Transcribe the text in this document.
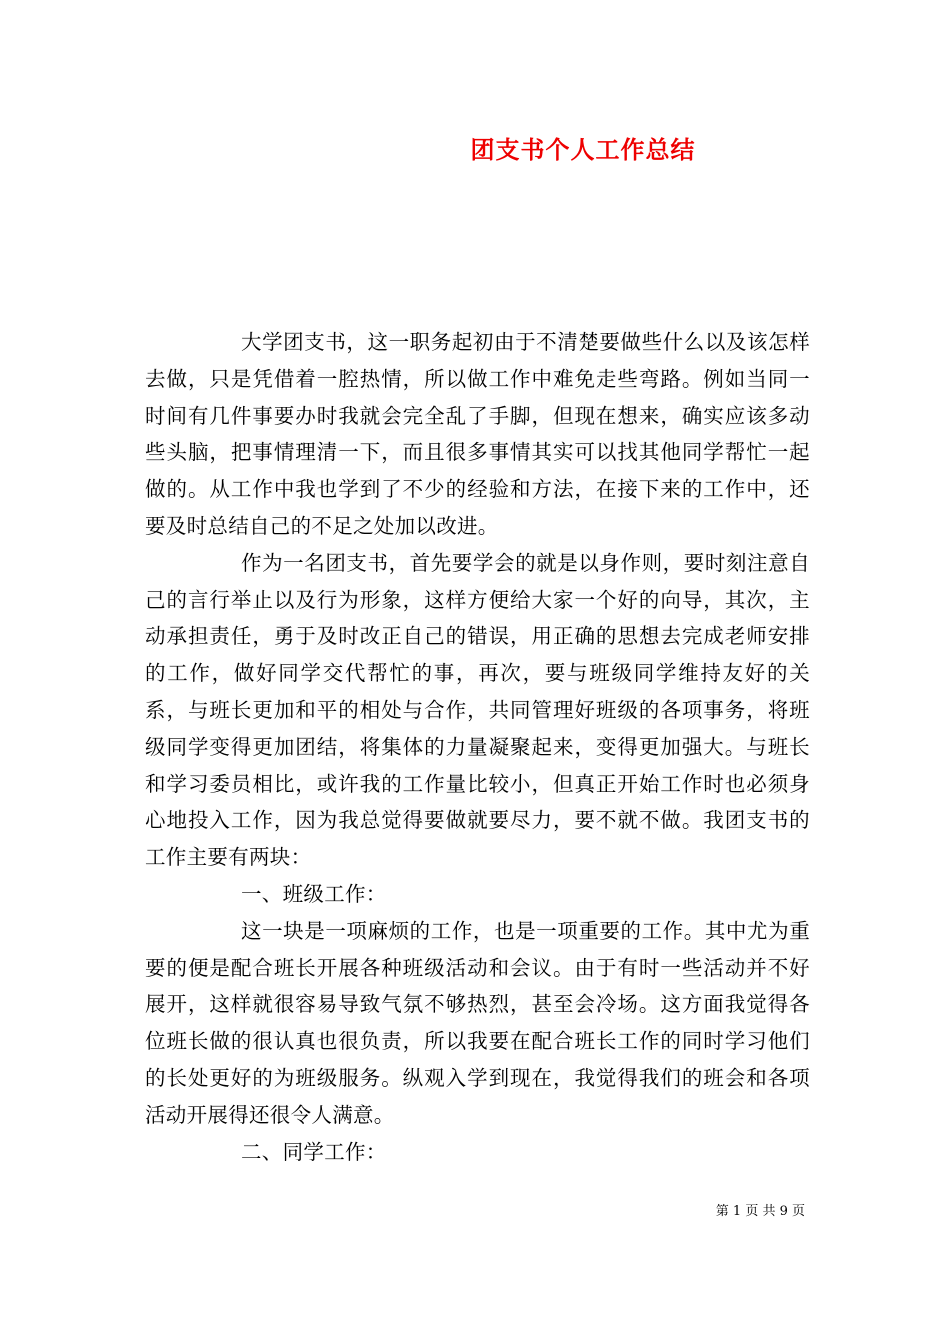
团支书个人工作总结

大学团支书，这一职务起初由于不清楚要做些什么以及该怎样去做，只是凭借着一腔热情，所以做工作中难免走些弯路。例如当同一时间有几件事要办时我就会完全乱了手脚，但现在想来，确实应该多动些头脑，把事情理清一下，而且很多事情其实可以找其他同学帮忙一起做的。从工作中我也学到了不少的经验和方法，在接下来的工作中，还要及时总结自己的不足之处加以改进。

作为一名团支书，首先要学会的就是以身作则，要时刻注意自己的言行举止以及行为形象，这样方便给大家一个好的向导，其次，主动承担责任，勇于及时改正自己的错误，用正确的思想去完成老师安排的工作，做好同学交代帮忙的事，再次，要与班级同学维持友好的关系，与班长更加和平的相处与合作，共同管理好班级的各项事务，将班级同学变得更加团结，将集体的力量凝聚起来，变得更加强大。与班长和学习委员相比，或许我的工作量比较小，但真正开始工作时也必须身心地投入工作，因为我总觉得要做就要尽力，要不就不做。我团支书的工作主要有两块：

一、班级工作：

这一块是一项麻烦的工作，也是一项重要的工作。其中尤为重要的便是配合班长开展各种班级活动和会议。由于有时一些活动并不好展开，这样就很容易导致气氛不够热烈，甚至会冷场。这方面我觉得各位班长做的很认真也很负责，所以我要在配合班长工作的同时学习他们的长处更好的为班级服务。纵观入学到现在，我觉得我们的班会和各项活动开展得还很令人满意。

二、同学工作：

第 1 页 共 9 页
